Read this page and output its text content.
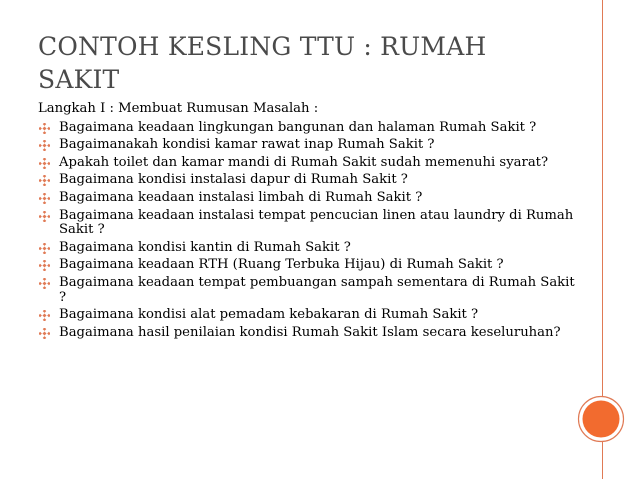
CONTOH KESLING TTU : RUMAH SAKIT

Langkah I : Membuat Rumusan Masalah :

Bagaimana keadaan lingkungan bangunan dan halaman Rumah Sakit ?
Bagaimanakah kondisi kamar rawat inap Rumah Sakit ?
Apakah toilet dan kamar mandi di Rumah Sakit sudah memenuhi syarat?
Bagaimana kondisi instalasi dapur di Rumah Sakit ?
Bagaimana keadaan instalasi limbah di Rumah Sakit ?
Bagaimana keadaan instalasi tempat pencucian linen atau laundry di Rumah Sakit ?
Bagaimana kondisi kantin di Rumah Sakit ?
Bagaimana keadaan RTH (Ruang Terbuka Hijau) di Rumah Sakit ?
Bagaimana keadaan tempat pembuangan sampah sementara di Rumah Sakit ?
Bagaimana kondisi alat pemadam kebakaran di Rumah Sakit ?
Bagaimana hasil penilaian kondisi Rumah Sakit Islam secara keseluruhan?
